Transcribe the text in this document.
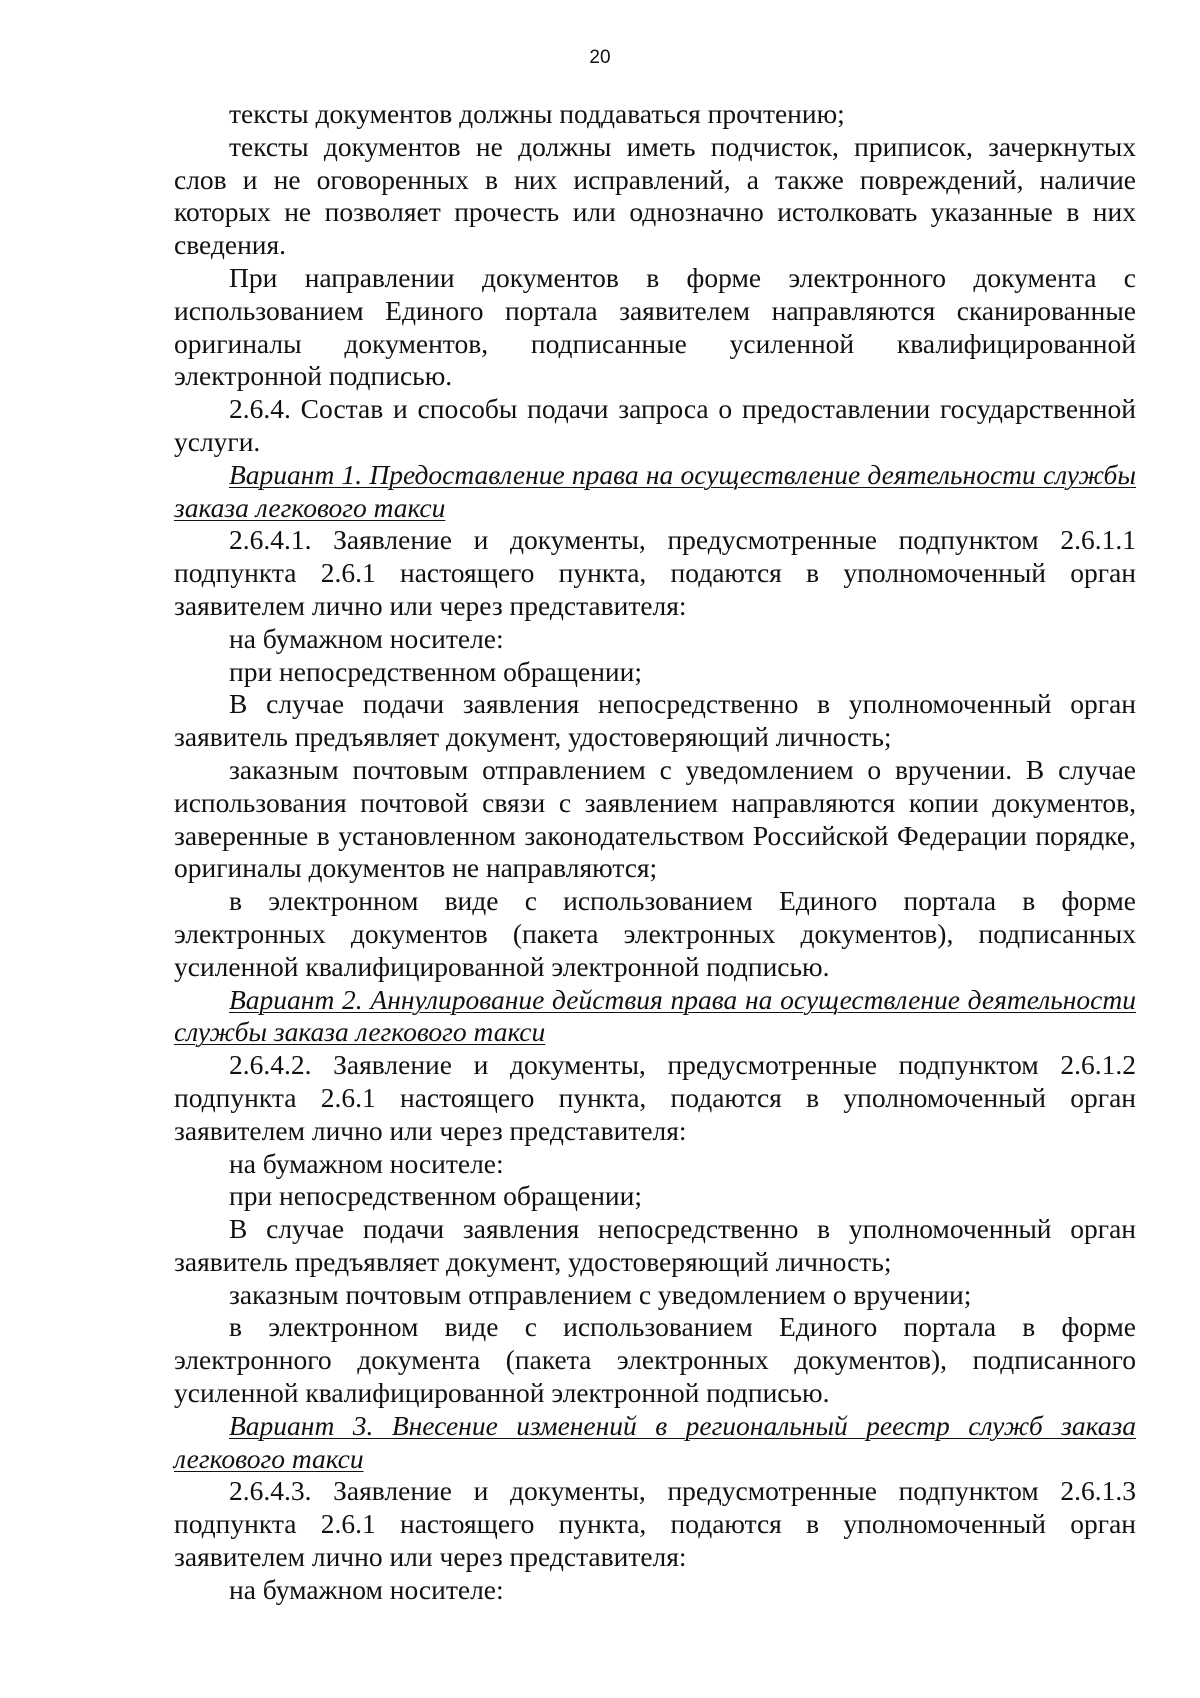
20

тексты документов должны поддаваться прочтению;

тексты документов не должны иметь подчисток, приписок, зачеркнутых слов и не оговоренных в них исправлений, а также повреждений, наличие которых не позволяет прочесть или однозначно истолковать указанные в них сведения.

При направлении документов в форме электронного документа с использованием Единого портала заявителем направляются сканированные оригиналы документов, подписанные усиленной квалифицированной электронной подписью.

2.6.4. Состав и способы подачи запроса о предоставлении государственной услуги.

Вариант 1. Предоставление права на осуществление деятельности службы заказа легкового такси

2.6.4.1. Заявление и документы, предусмотренные подпунктом 2.6.1.1 подпункта 2.6.1 настоящего пункта, подаются в уполномоченный орган заявителем лично или через представителя:

на бумажном носителе:

при непосредственном обращении;

В случае подачи заявления непосредственно в уполномоченный орган заявитель предъявляет документ, удостоверяющий личность;

заказным почтовым отправлением с уведомлением о вручении. В случае использования почтовой связи с заявлением направляются копии документов, заверенные в установленном законодательством Российской Федерации порядке, оригиналы документов не направляются;

в электронном виде с использованием Единого портала в форме электронных документов (пакета электронных документов), подписанных усиленной квалифицированной электронной подписью.

Вариант 2. Аннулирование действия права на осуществление деятельности службы заказа легкового такси

2.6.4.2. Заявление и документы, предусмотренные подпунктом 2.6.1.2 подпункта 2.6.1 настоящего пункта, подаются в уполномоченный орган заявителем лично или через представителя:

на бумажном носителе:

при непосредственном обращении;

В случае подачи заявления непосредственно в уполномоченный орган заявитель предъявляет документ, удостоверяющий личность;

заказным почтовым отправлением с уведомлением о вручении;

в электронном виде с использованием Единого портала в форме электронного документа (пакета электронных документов), подписанного усиленной квалифицированной электронной подписью.

Вариант 3. Внесение изменений в региональный реестр служб заказа легкового такси

2.6.4.3. Заявление и документы, предусмотренные подпунктом 2.6.1.3 подпункта 2.6.1 настоящего пункта, подаются в уполномоченный орган заявителем лично или через представителя:

на бумажном носителе:
